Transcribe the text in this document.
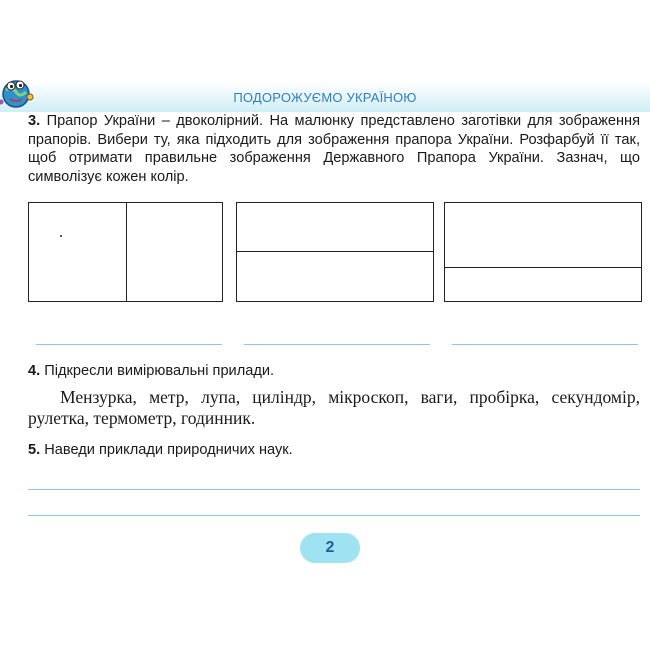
ПОДОРОЖУЄМО УКРАЇНОЮ
3. Прапор України – двоколірний. На малюнку представлено заготівки для зображення прапорів. Вибери ту, яка підходить для зображення прапора України. Розфарбуй її так, щоб отримати правильне зображення Державного Прапора України. Зазнач, що символізує кожен колір.
4. Підкресли вимірювальні прилади.
Мензурка, метр, лупа, циліндр, мікроскоп, ваги, пробірка, секундомір, рулетка, термометр, годинник.
5. Наведи приклади природничих наук.
2
